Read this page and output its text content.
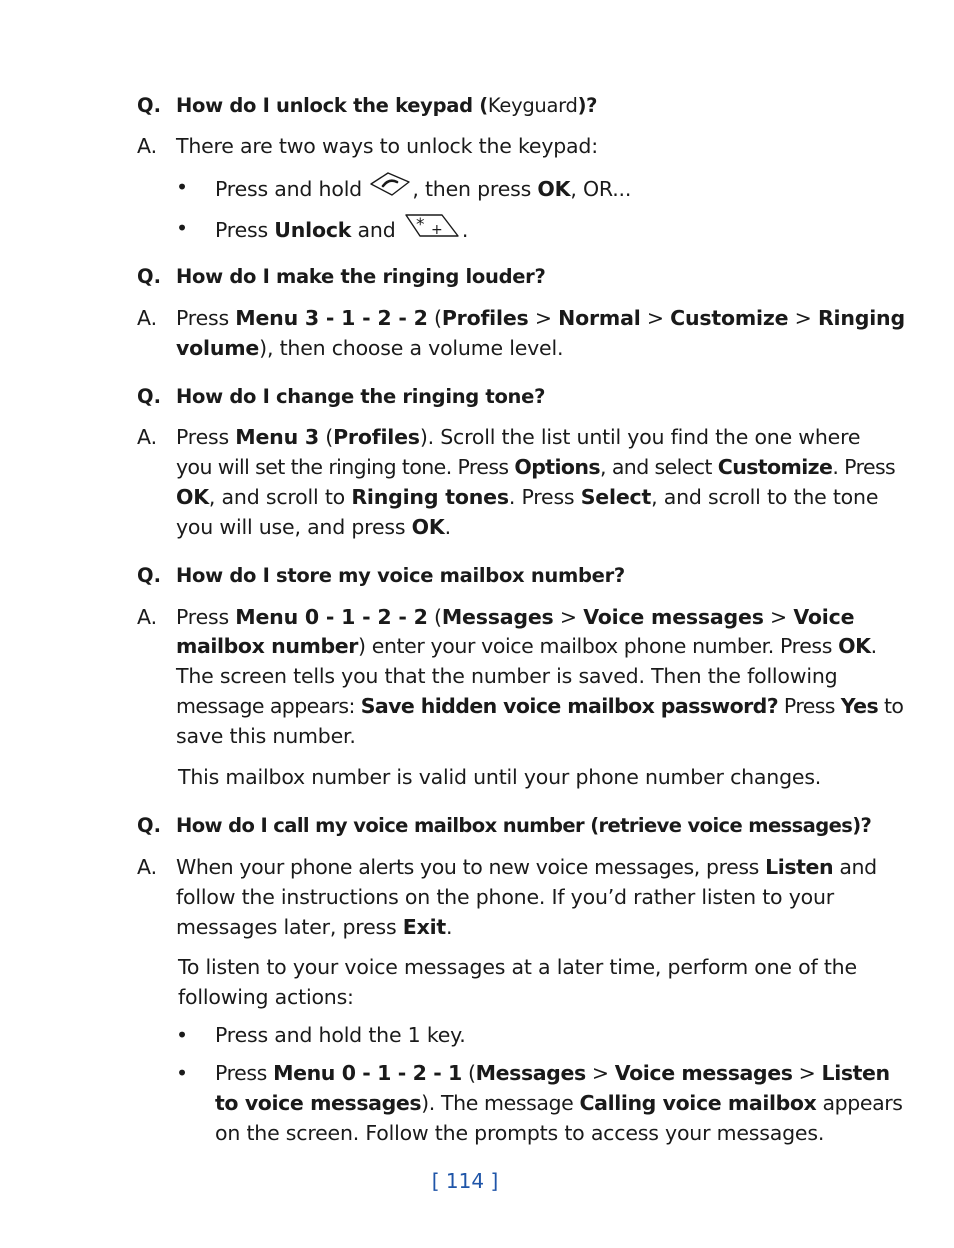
Q. How do I unlock the keypad (Keyguard)?
A. There are two ways to unlock the keypad:
• Press and hold , then press OK, OR...
• Press Unlock and * + .
Q. How do I make the ringing louder?
A. Press Menu 3 - 1 - 2 - 2 (Profiles > Normal > Customize > Ringing
volume), then choose a volume level.
Q. How do I change the ringing tone?
A. Press Menu 3 (Profiles). Scroll the list until you find the one where
you will set the ringing tone. Press Options, and select Customize. Press
OK, and scroll to Ringing tones. Press Select, and scroll to the tone
you will use, and press OK.
Q. How do I store my voice mailbox number?
A. Press Menu 0 - 1 - 2 - 2 (Messages > Voice messages > Voice
mailbox number) enter your voice mailbox phone number. Press OK.
The screen tells you that the number is saved. Then the following
message appears: Save hidden voice mailbox password? Press Yes to
save this number.
This mailbox number is valid until your phone number changes.
Q. How do I call my voice mailbox number (retrieve voice messages)?
A. When your phone alerts you to new voice messages, press Listen and
follow the instructions on the phone. If you’d rather listen to your
messages later, press Exit.
To listen to your voice messages at a later time, perform one of the
following actions:
• Press and hold the 1 key.
• Press Menu 0 - 1 - 2 - 1 (Messages > Voice messages > Listen
to voice messages). The message Calling voice mailbox appears
on the screen. Follow the prompts to access your messages.
[ 114 ]
